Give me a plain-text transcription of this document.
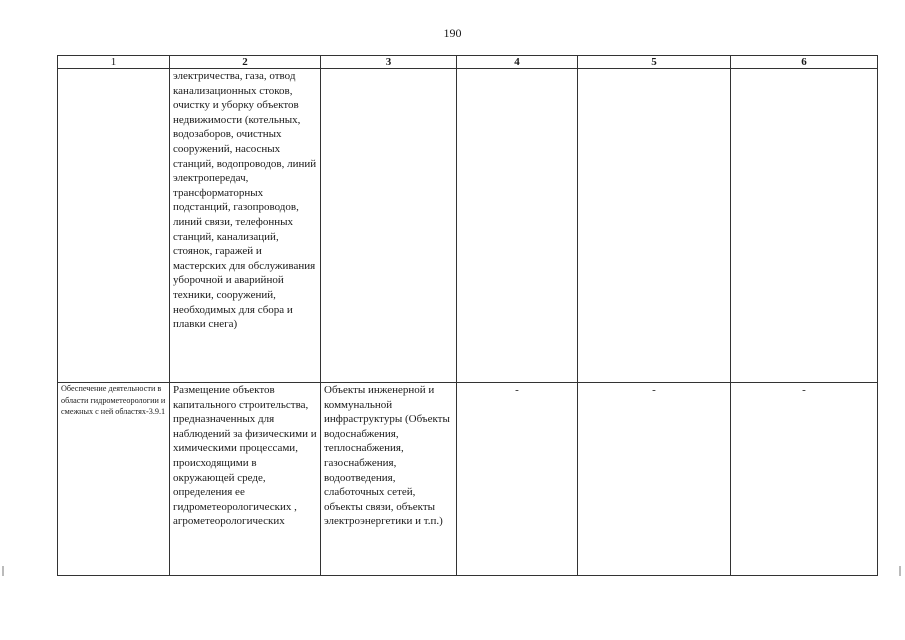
190
1	2	3	4	5	6
	электричества, газа, отвод канализационных стоков, очистку и уборку объектов недвижимости (котельных, водозаборов, очистных сооружений, насосных станций, водопроводов, линий электропередач, трансформаторных подстанций, газопроводов, линий связи, телефонных станций, канализаций, стоянок, гаражей и мастерских для обслуживания уборочной и аварийной техники, сооружений, необходимых для сбора и плавки снега)				
Обеспечение деятельности в области гидрометеорологии и смежных с ней областях-3.9.1	Размещение объектов капитального строительства, предназначенных для наблюдений за физическими и химическими процессами, происходящими в окружающей среде, определения ее гидрометеорологических , агрометеорологических	Объекты инженерной и коммунальной инфраструктуры (Объекты водоснабжения, теплоснабжения, газоснабжения, водоотведения, слаботочных сетей, объекты связи, объекты электроэнергетики и т.п.)	-	-	-
